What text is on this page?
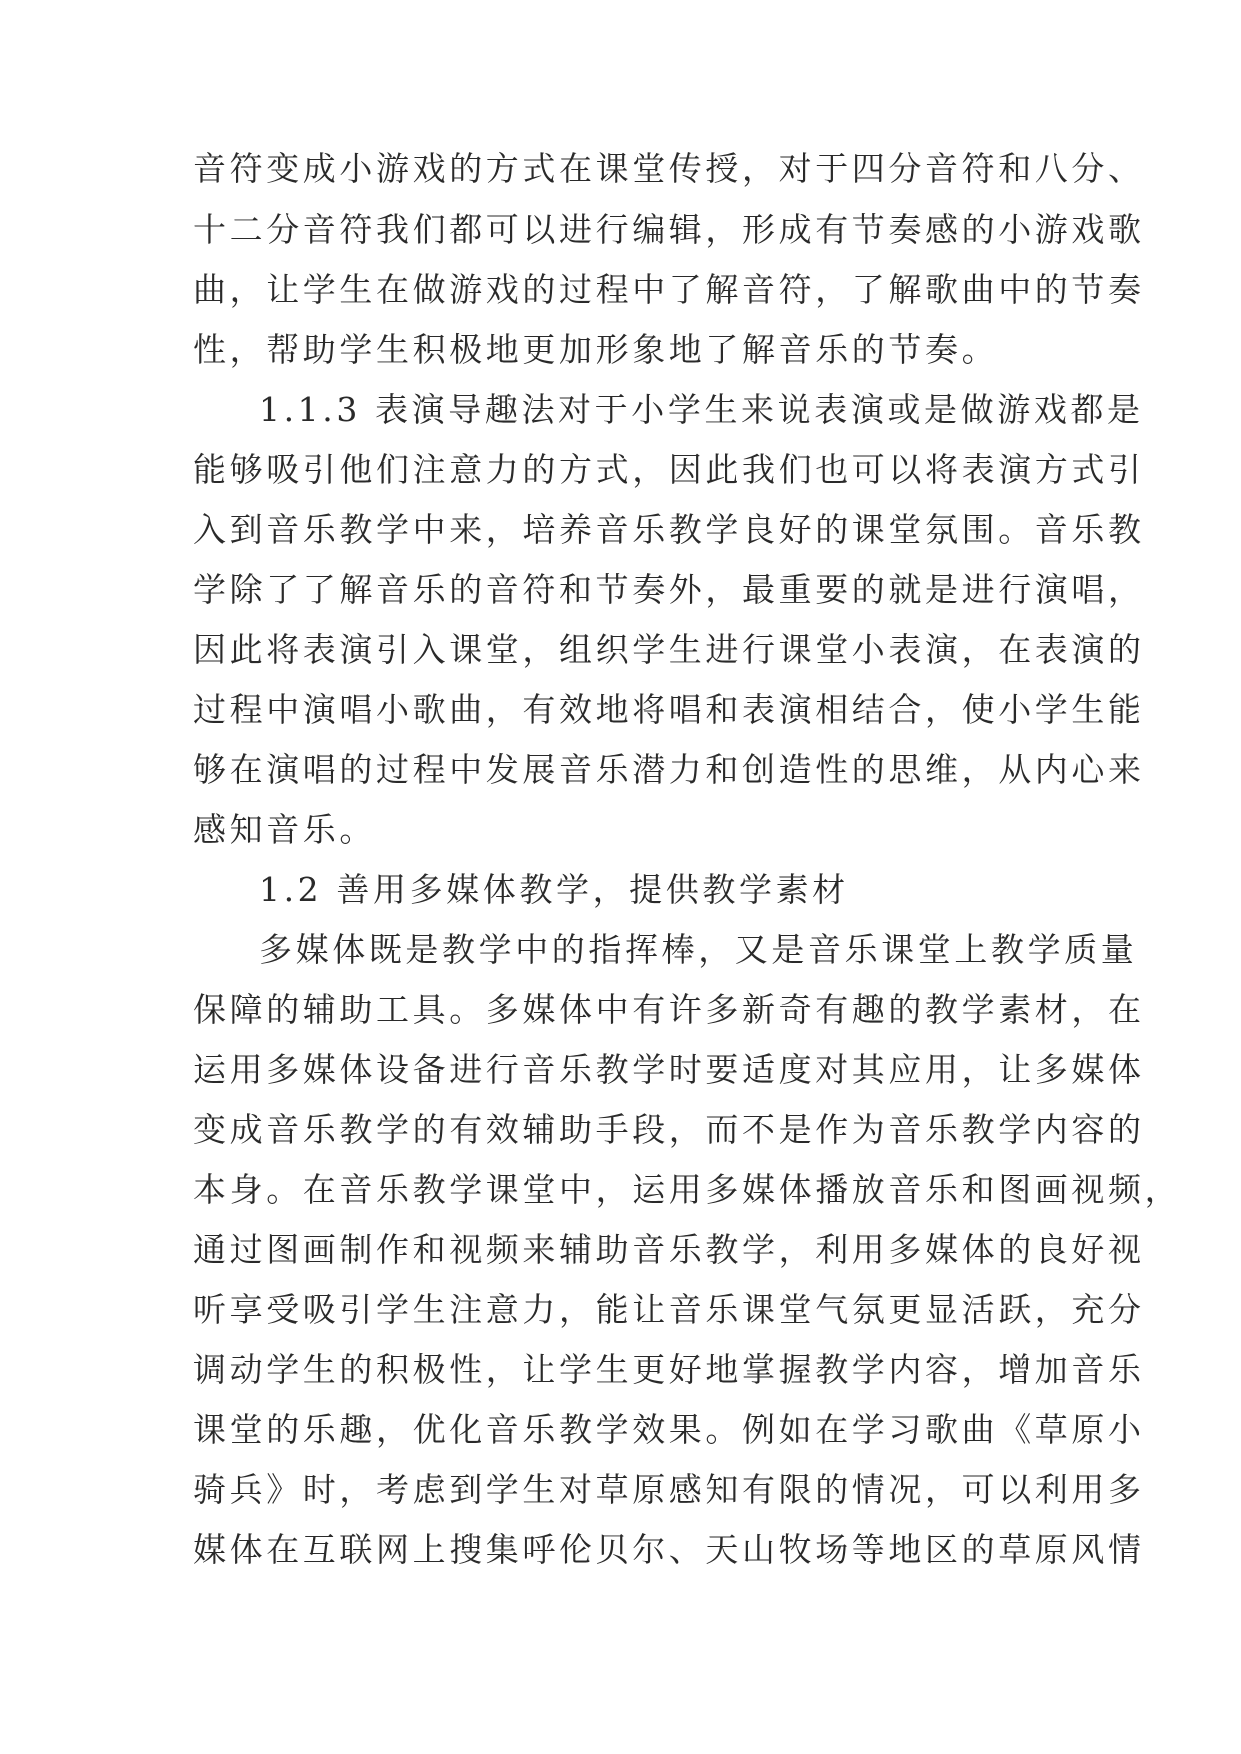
音符变成小游戏的方式在课堂传授，对于四分音符和八分、
十二分音符我们都可以进行编辑，形成有节奏感的小游戏歌
曲，让学生在做游戏的过程中了解音符，了解歌曲中的节奏
性，帮助学生积极地更加形象地了解音乐的节奏。
1.1.3 表演导趣法对于小学生来说表演或是做游戏都是
能够吸引他们注意力的方式，因此我们也可以将表演方式引
入到音乐教学中来，培养音乐教学良好的课堂氛围。音乐教
学除了了解音乐的音符和节奏外，最重要的就是进行演唱，
因此将表演引入课堂，组织学生进行课堂小表演，在表演的
过程中演唱小歌曲，有效地将唱和表演相结合，使小学生能
够在演唱的过程中发展音乐潜力和创造性的思维，从内心来
感知音乐。
1.2 善用多媒体教学，提供教学素材
多媒体既是教学中的指挥棒，又是音乐课堂上教学质量
保障的辅助工具。多媒体中有许多新奇有趣的教学素材，在
运用多媒体设备进行音乐教学时要适度对其应用，让多媒体
变成音乐教学的有效辅助手段，而不是作为音乐教学内容的
本身。在音乐教学课堂中，运用多媒体播放音乐和图画视频，
通过图画制作和视频来辅助音乐教学，利用多媒体的良好视
听享受吸引学生注意力，能让音乐课堂气氛更显活跃，充分
调动学生的积极性，让学生更好地掌握教学内容，增加音乐
课堂的乐趣，优化音乐教学效果。例如在学习歌曲《草原小
骑兵》时，考虑到学生对草原感知有限的情况，可以利用多
媒体在互联网上搜集呼伦贝尔、天山牧场等地区的草原风情
